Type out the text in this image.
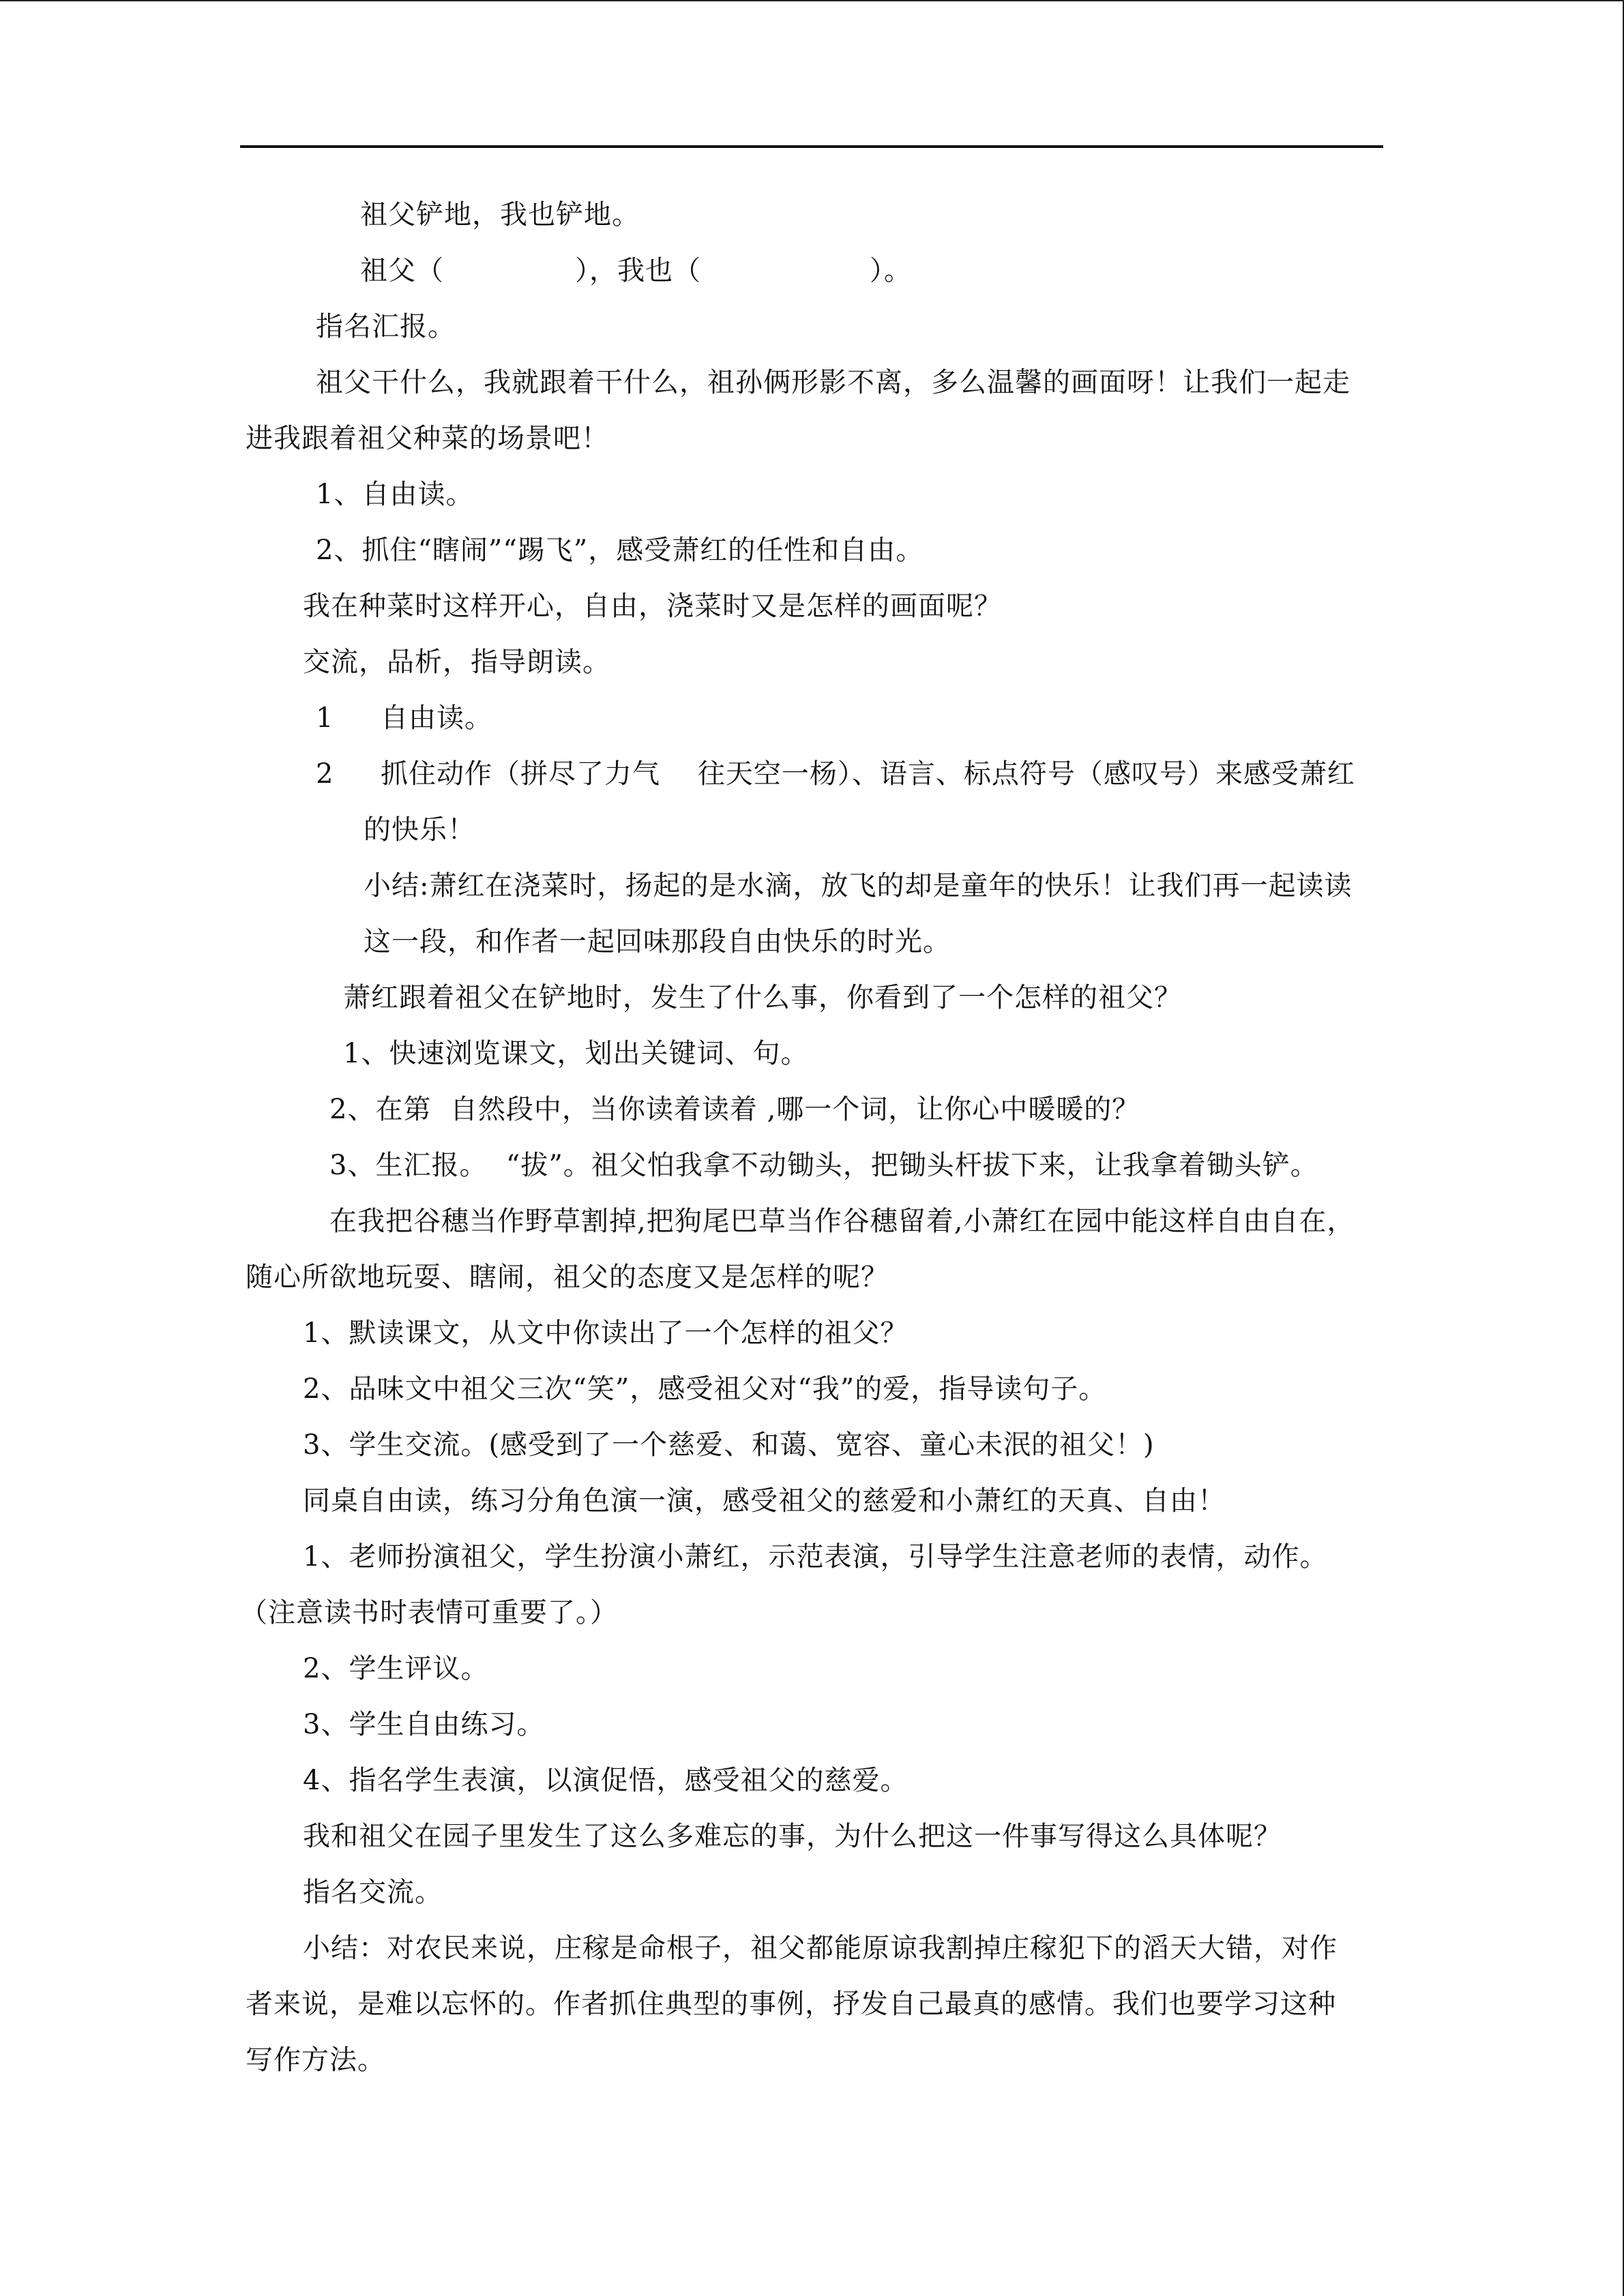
祖父铲地，我也铲地。
祖父（              ），我也（                  ）。
指名汇报。
祖父干什么，我就跟着干什么，祖孙俩形影不离，多么温馨的画面呀！让我们一起走
进我跟着祖父种菜的场景吧！
1、自由读。
2、抓住“瞎闹”“踢飞”，感受萧红的任性和自由。
我在种菜时这样开心，自由，浇菜时又是怎样的画面呢？
交流，品析，指导朗读。
1     自由读。
2     抓住动作（拼尽了力气    往天空一杨）、语言、标点符号（感叹号）来感受萧红
的快乐！
小结:萧红在浇菜时，扬起的是水滴，放飞的却是童年的快乐！让我们再一起读读
这一段，和作者一起回味那段自由快乐的时光。
萧红跟着祖父在铲地时，发生了什么事，你看到了一个怎样的祖父？
1、快速浏览课文，划出关键词、句。
2、在第  自然段中，当你读着读着 ,哪一个词，让你心中暖暖的？
3、生汇报。  “拔”。祖父怕我拿不动锄头，把锄头杆拔下来，让我拿着锄头铲。
在我把谷穗当作野草割掉,把狗尾巴草当作谷穗留着,小萧红在园中能这样自由自在，
随心所欲地玩耍、瞎闹，祖父的态度又是怎样的呢？
1、默读课文，从文中你读出了一个怎样的祖父？
2、品味文中祖父三次“笑”，感受祖父对“我”的爱，指导读句子。
3、学生交流。(感受到了一个慈爱、和蔼、宽容、童心未泯的祖父！)
同桌自由读，练习分角色演一演，感受祖父的慈爱和小萧红的天真、自由！
1、老师扮演祖父，学生扮演小萧红，示范表演，引导学生注意老师的表情，动作。
（注意读书时表情可重要了。）
2、学生评议。
3、学生自由练习。
4、指名学生表演，以演促悟，感受祖父的慈爱。
我和祖父在园子里发生了这么多难忘的事，为什么把这一件事写得这么具体呢？
指名交流。
小结：对农民来说，庄稼是命根子，祖父都能原谅我割掉庄稼犯下的滔天大错，对作
者来说，是难以忘怀的。作者抓住典型的事例，抒发自己最真的感情。我们也要学习这种
写作方法。
